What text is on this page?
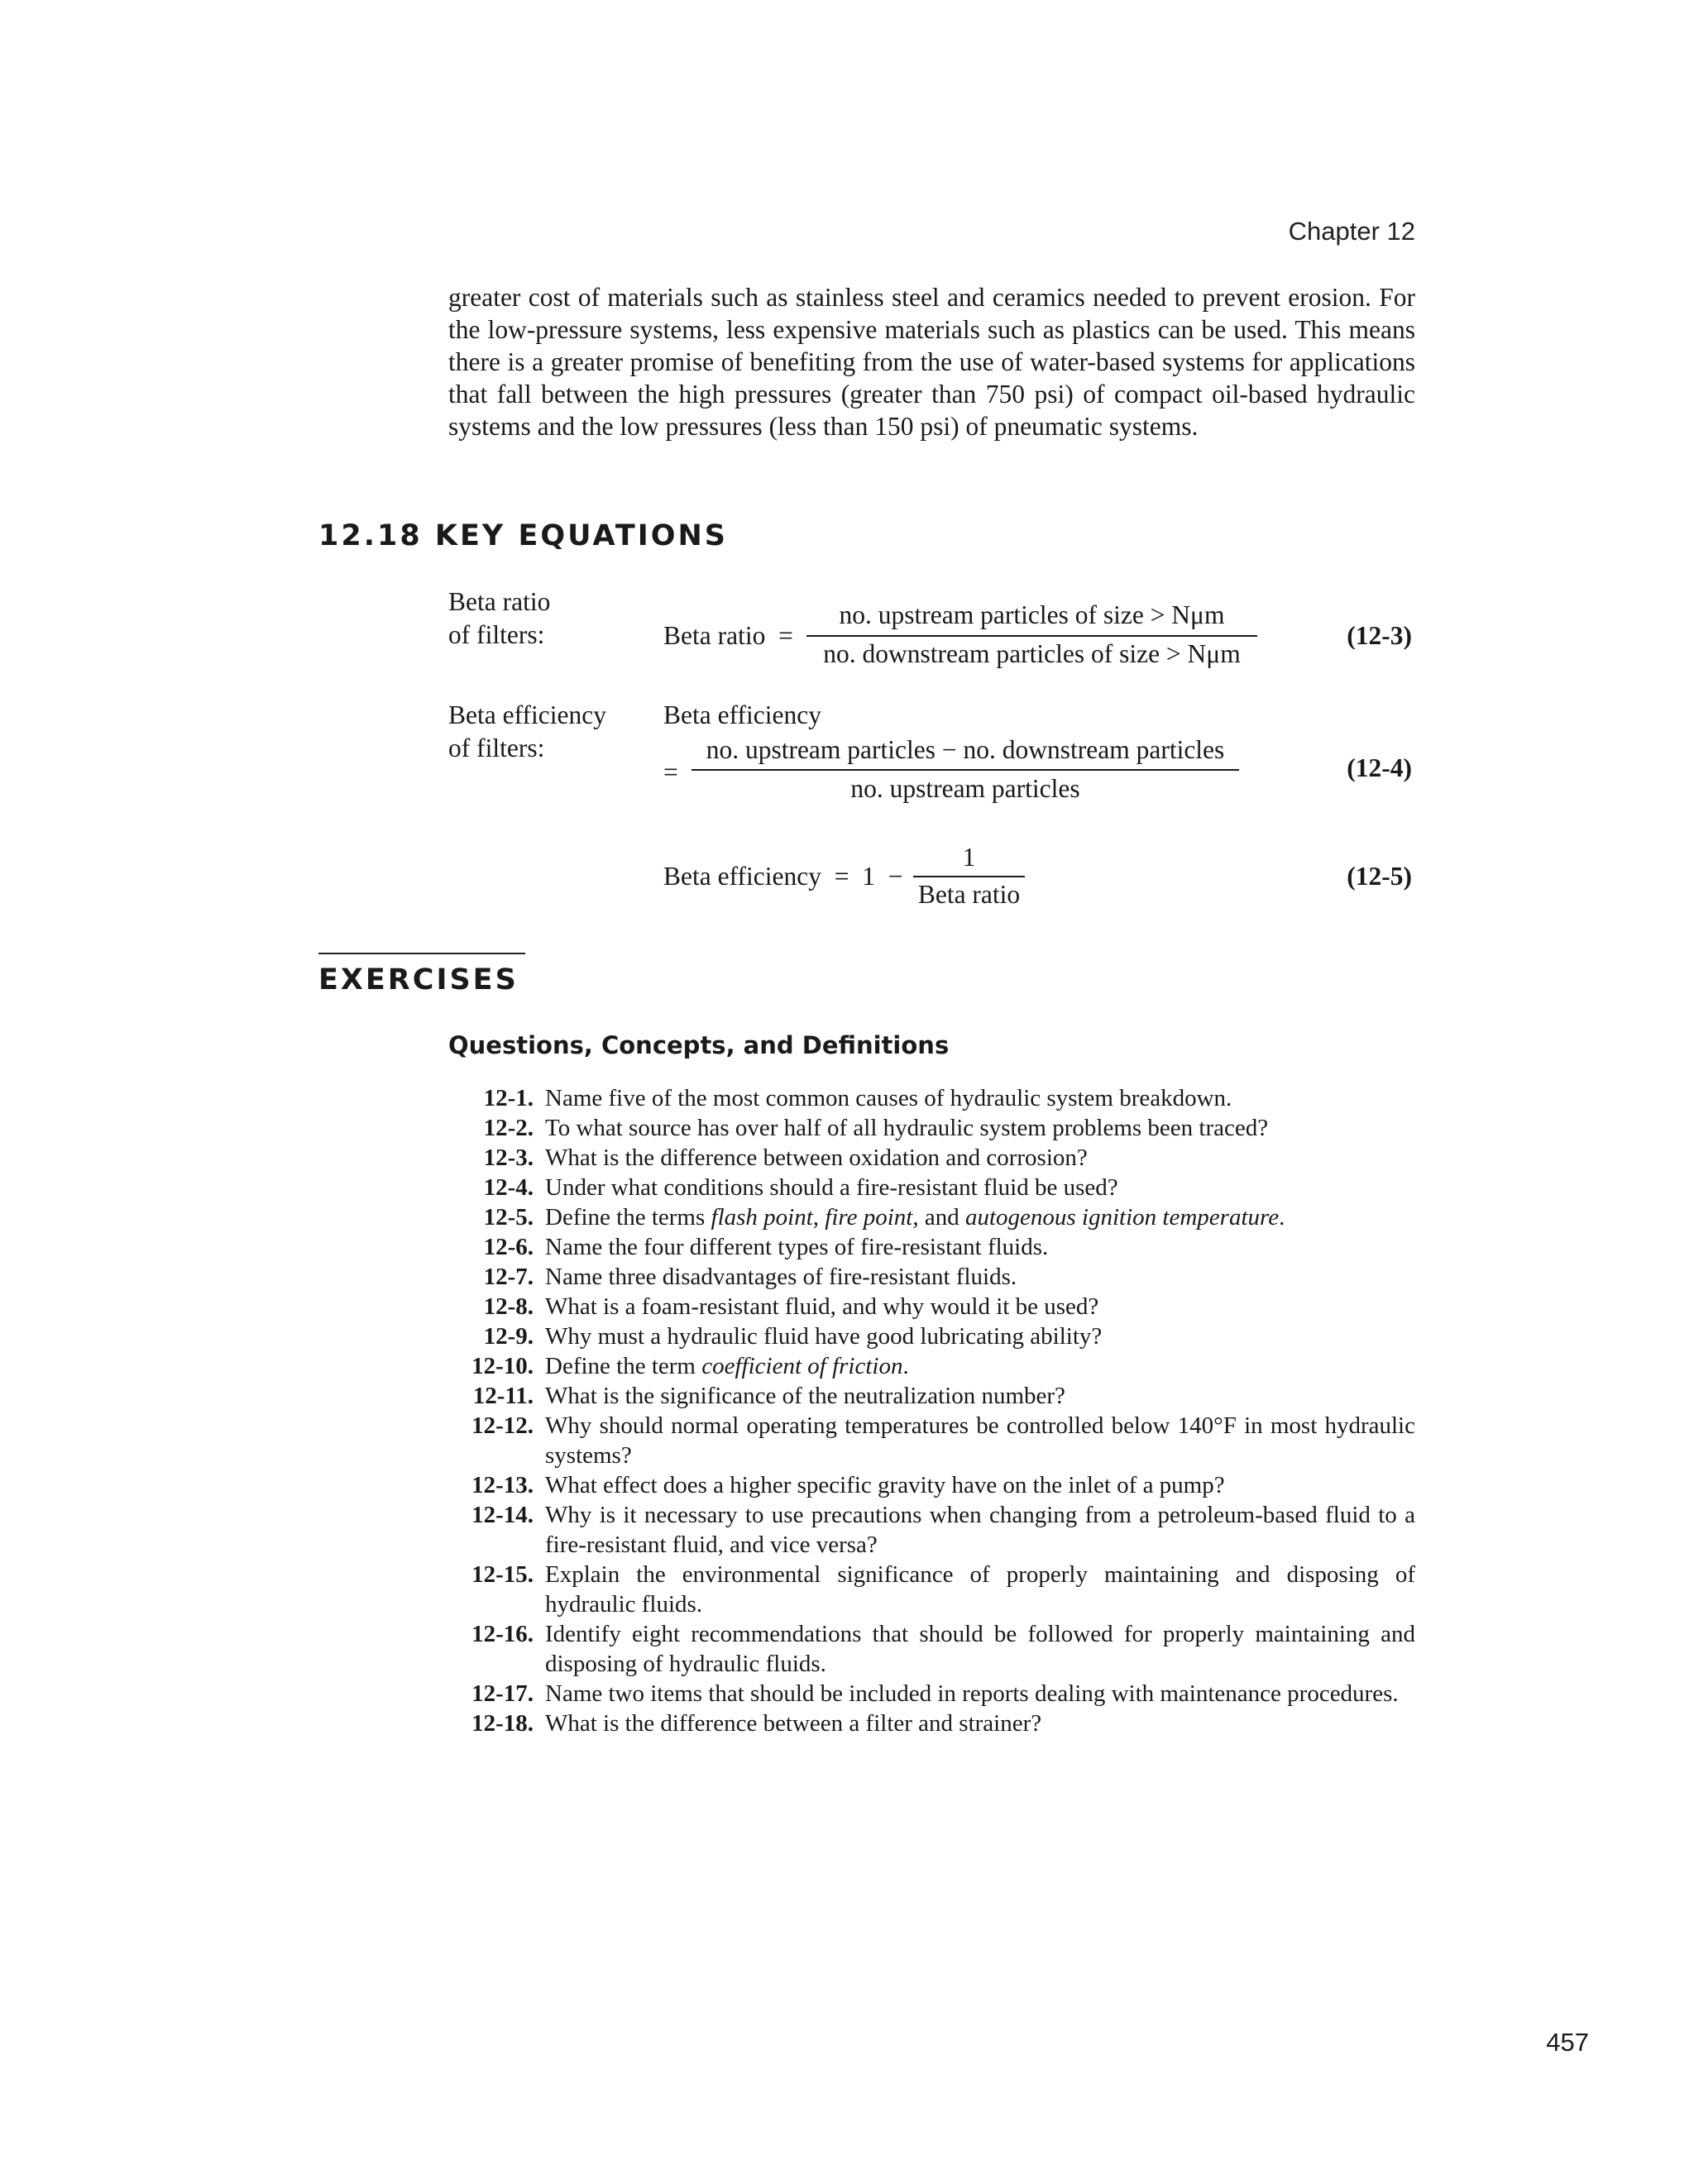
Chapter 12

greater cost of materials such as stainless steel and ceramics needed to prevent erosion. For the low-pressure systems, less expensive materials such as plastics can be used. This means there is a greater promise of benefiting from the use of water-based systems for applications that fall between the high pressures (greater than 750 psi) of compact oil-based hydraulic systems and the low pressures (less than 150 psi) of pneumatic systems.

12.18 KEY EQUATIONS
Beta ratio
of filters:	Beta ratio  =
no. upstream particles of size > Nμm
no. downstream particles of size > Nμm
(12-3)
Beta efficiency
of filters:
Beta efficiency
=
no. upstream particles − no. downstream particles
no. upstream particles
(12-4)
Beta efficiency  =  1  −
1
Beta ratio
(12-5)
EXERCISES
Questions, Concepts, and Definitions
12-1. Name five of the most common causes of hydraulic system breakdown.
12-2. To what source has over half of all hydraulic system problems been traced?
12-3. What is the difference between oxidation and corrosion?
12-4. Under what conditions should a fire-resistant fluid be used?
12-5. Define the terms flash point, fire point, and autogenous ignition temperature.
12-6. Name the four different types of fire-resistant fluids.
12-7. Name three disadvantages of fire-resistant fluids.
12-8. What is a foam-resistant fluid, and why would it be used?
12-9. Why must a hydraulic fluid have good lubricating ability?
12-10. Define the term coefficient of friction.
12-11. What is the significance of the neutralization number?
12-12. Why should normal operating temperatures be controlled below 140°F in most hydraulic systems?
12-13. What effect does a higher specific gravity have on the inlet of a pump?
12-14. Why is it necessary to use precautions when changing from a petroleum-based fluid to a fire-resistant fluid, and vice versa?
12-15. Explain the environmental significance of properly maintaining and disposing of hydraulic fluids.
12-16. Identify eight recommendations that should be followed for properly maintaining and disposing of hydraulic fluids.
12-17. Name two items that should be included in reports dealing with maintenance procedures.
12-18. What is the difference between a filter and strainer?
457
